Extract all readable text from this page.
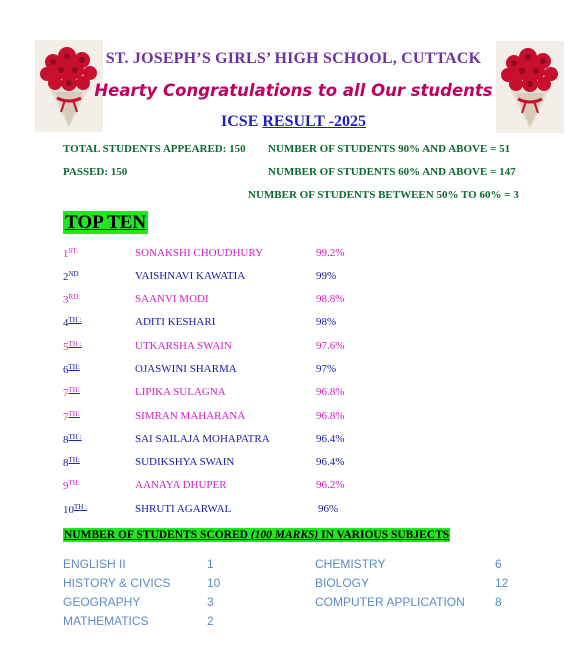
ST. JOSEPH’S GIRLS’ HIGH SCHOOL, CUTTACK
Hearty Congratulations to all Our students
ICSE RESULT -2025
TOTAL STUDENTS APPEARED: 150 NUMBER OF STUDENTS 90% AND ABOVE = 51
PASSED: 150	NUMBER OF STUDENTS 60% AND ABOVE = 147
NUMBER OF STUDENTS BETWEEN 50% TO 60% = 3
TOP TEN
$1^{ST:}$	SONAKSHI CHOUDHURY	99.2%
2ND	VAISHNAVI KAWATIA	99%
$3^{RD:}$	SAANVI MODI	98.8%
$4^{TH :}$	ADITI KESHARI	98%
$5^{TH :}$	UTKARSHA SWAIN	97.6%
$6^{TH:}$	OJASWINI SHARMA	97%
$7^{TH:}$	LIPIKA SULAGNA	96.8%
$7^{TH:}$	SIMRAN MAHARANA	96.8%
$8^{TH :}$	SAI SAILAJA MOHAPATRA	96.4%
$8^{TH:}$	SUDIKSHYA SWAIN	96.4%
$9^{TH:}$	AANAYA DHUPER	96.2%
$10^{TH :}$	SHRUTI AGARWAL	96%
NUMBER OF STUDENTS SCORED (100 MARKS) IN VARIOUS SUBJECTS
ENGLISH II	1
HISTORY & CIVICS	10
GEOGRAPHY	3
MATHEMATICS	2
CHEMISTRY	6
BIOLOGY	12
COMPUTER APPLICATION	8
